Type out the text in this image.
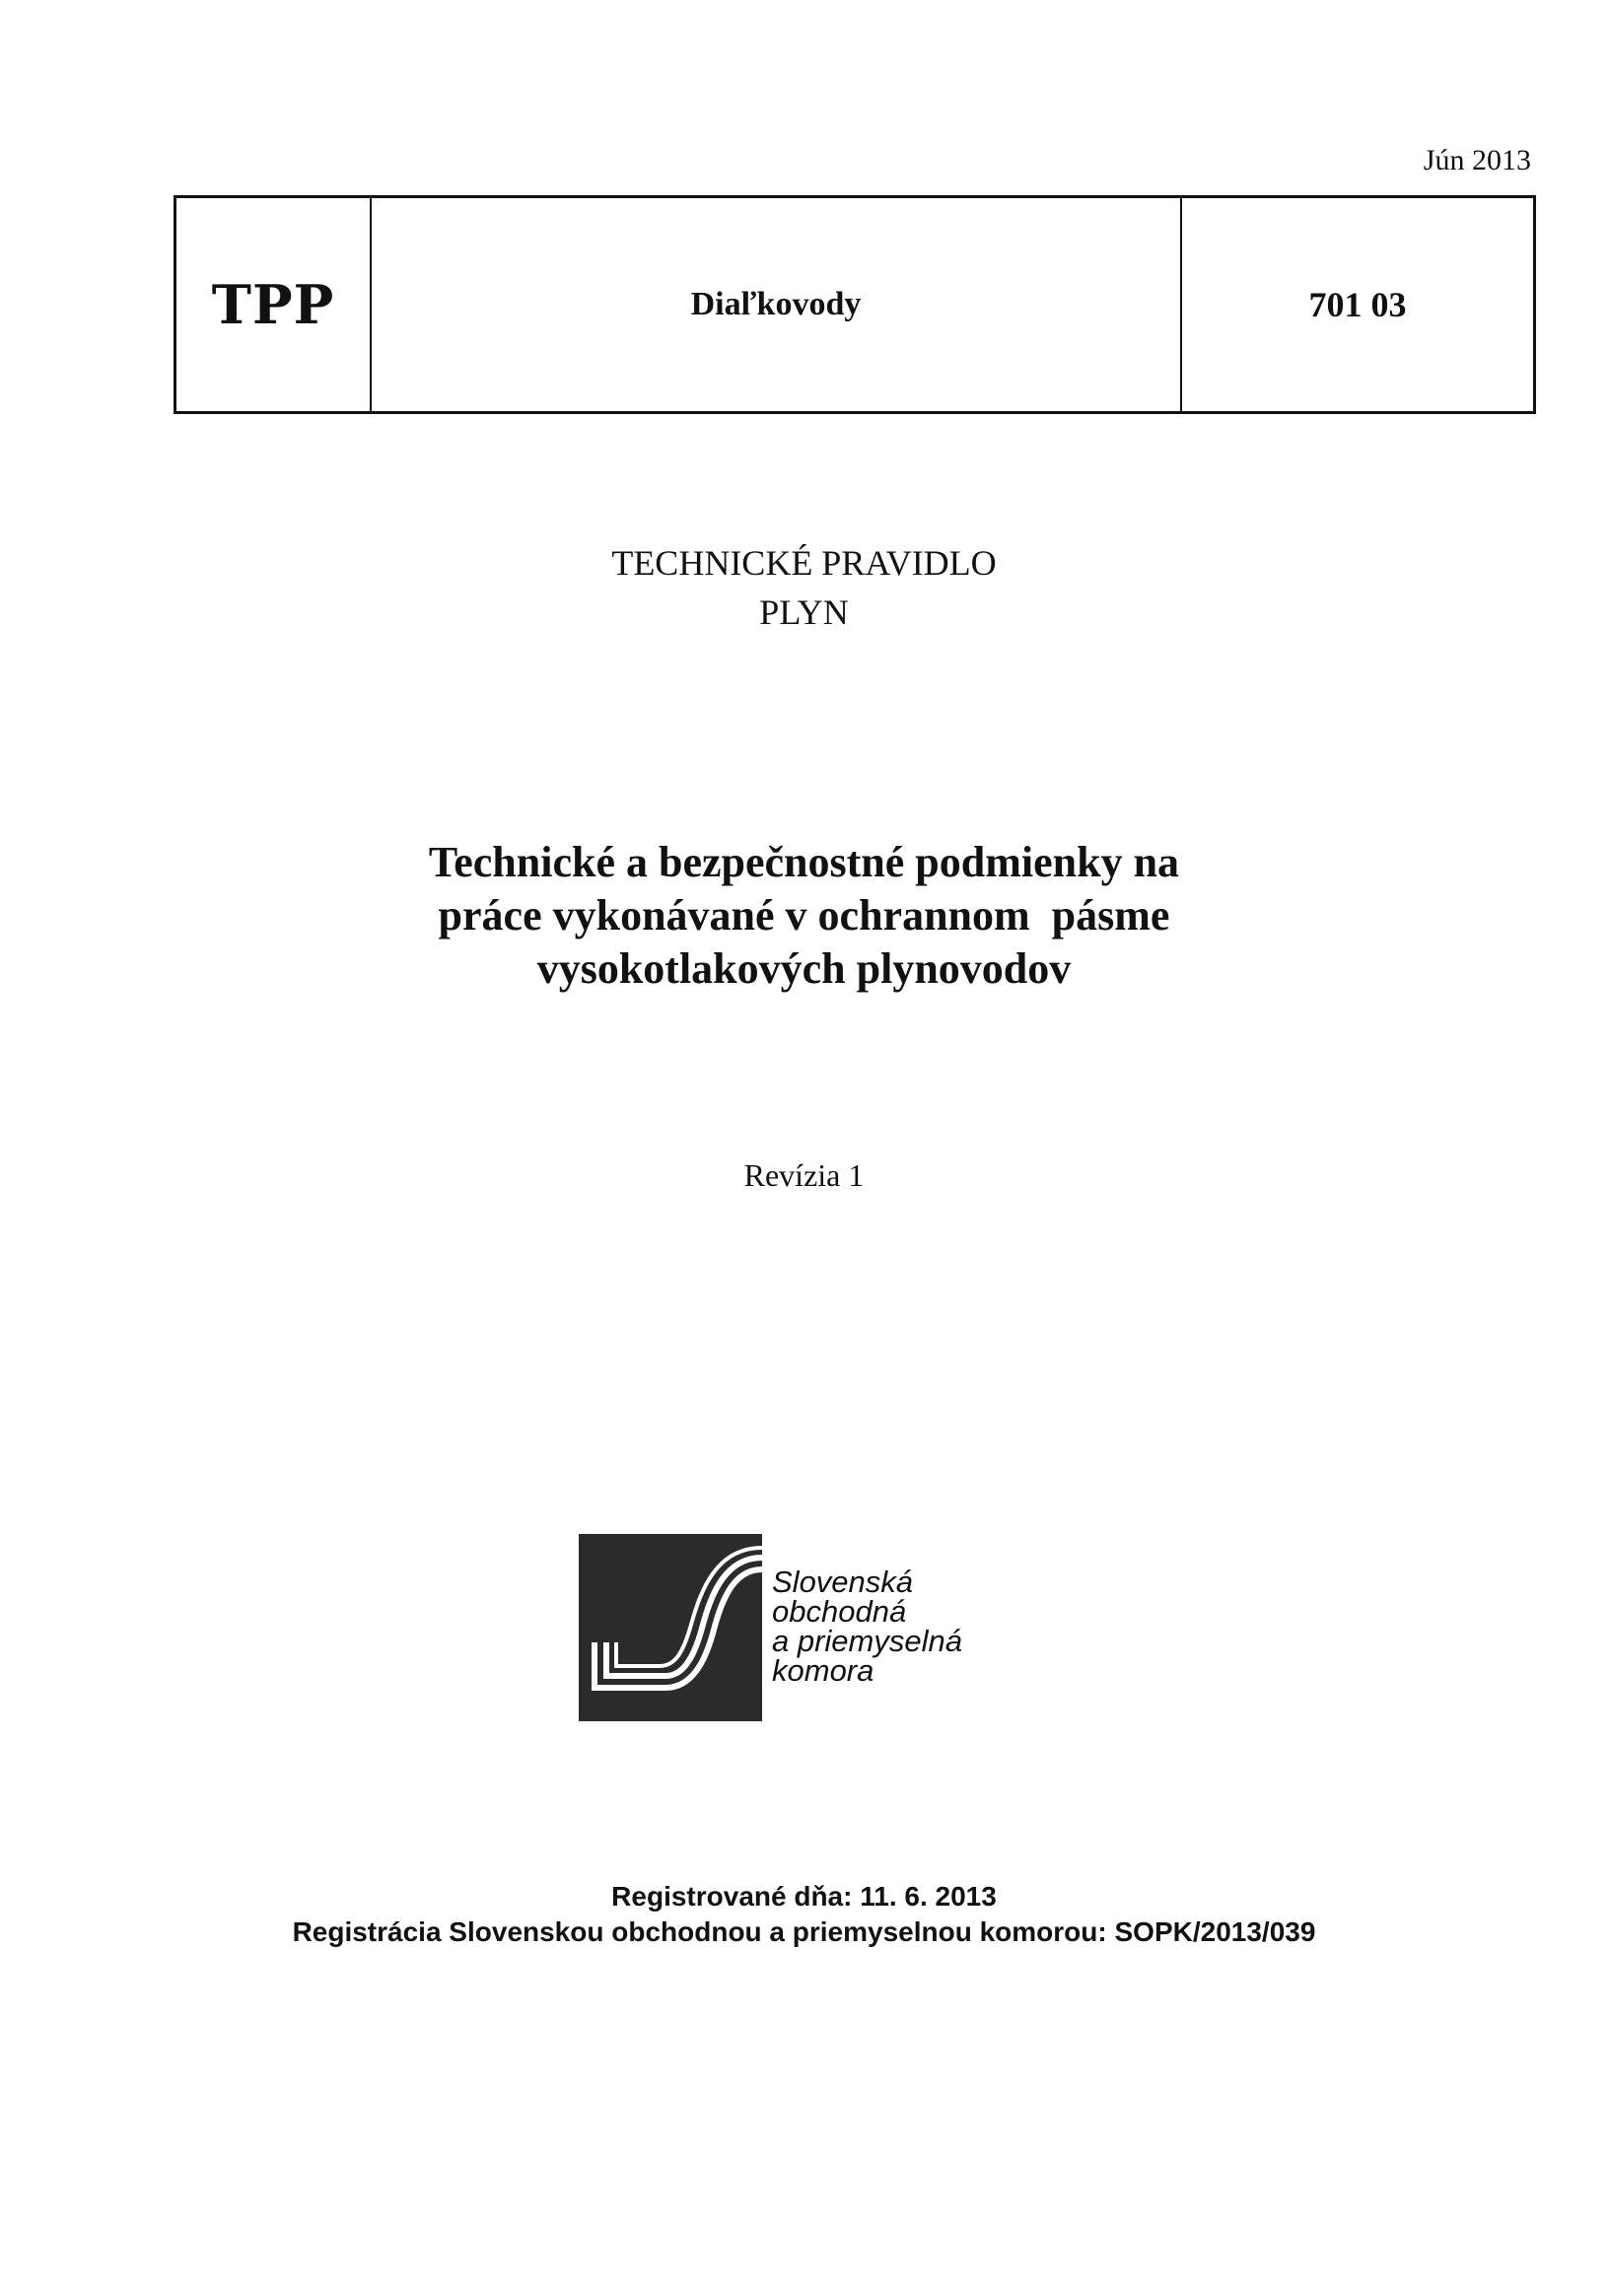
Jún 2013
TPP	Diaľkovody	701 03
TECHNICKÉ PRAVIDLO
PLYN
Technické a bezpečnostné podmienky na
práce vykonávané v ochrannom  pásme
vysokotlakových plynovodov
Revízia 1
Slovenská
obchodná
a priemyselná
komora
Registrované dňa: 11. 6. 2013
Registrácia Slovenskou obchodnou a priemyselnou komorou: SOPK/2013/039
